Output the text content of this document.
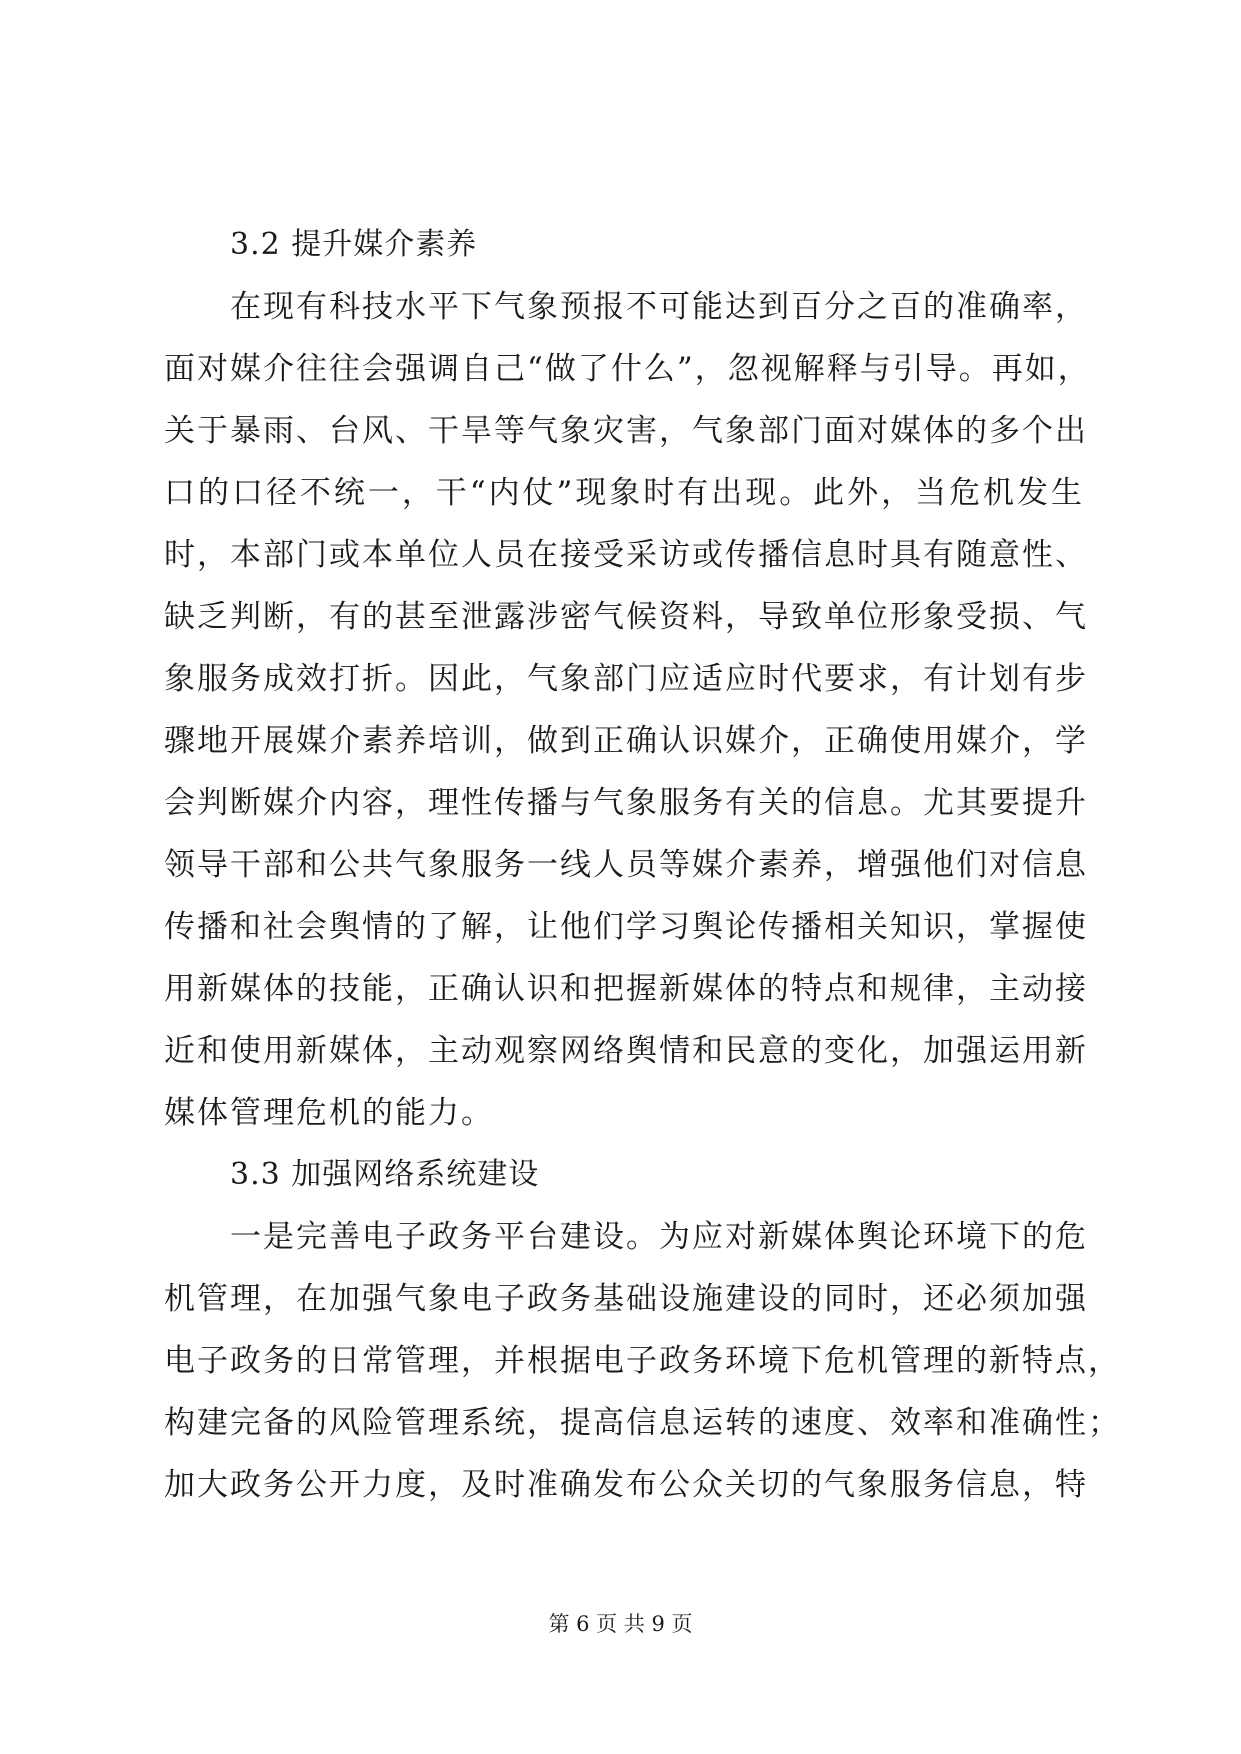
3.2 提升媒介素养
在现有科技水平下气象预报不可能达到百分之百的准确率，
面对媒介往往会强调自己“做了什么”，忽视解释与引导。再如，
关于暴雨、台风、干旱等气象灾害，气象部门面对媒体的多个出
口的口径不统一，干“内仗”现象时有出现。此外，当危机发生
时，本部门或本单位人员在接受采访或传播信息时具有随意性、
缺乏判断，有的甚至泄露涉密气候资料，导致单位形象受损、气
象服务成效打折。因此，气象部门应适应时代要求，有计划有步
骤地开展媒介素养培训，做到正确认识媒介，正确使用媒介，学
会判断媒介内容，理性传播与气象服务有关的信息。尤其要提升
领导干部和公共气象服务一线人员等媒介素养，增强他们对信息
传播和社会舆情的了解，让他们学习舆论传播相关知识，掌握使
用新媒体的技能，正确认识和把握新媒体的特点和规律，主动接
近和使用新媒体，主动观察网络舆情和民意的变化，加强运用新
媒体管理危机的能力。
3.3 加强网络系统建设
一是完善电子政务平台建设。为应对新媒体舆论环境下的危
机管理，在加强气象电子政务基础设施建设的同时，还必须加强
电子政务的日常管理，并根据电子政务环境下危机管理的新特点，
构建完备的风险管理系统，提高信息运转的速度、效率和准确性；
加大政务公开力度，及时准确发布公众关切的气象服务信息，特
第 6 页 共 9 页
